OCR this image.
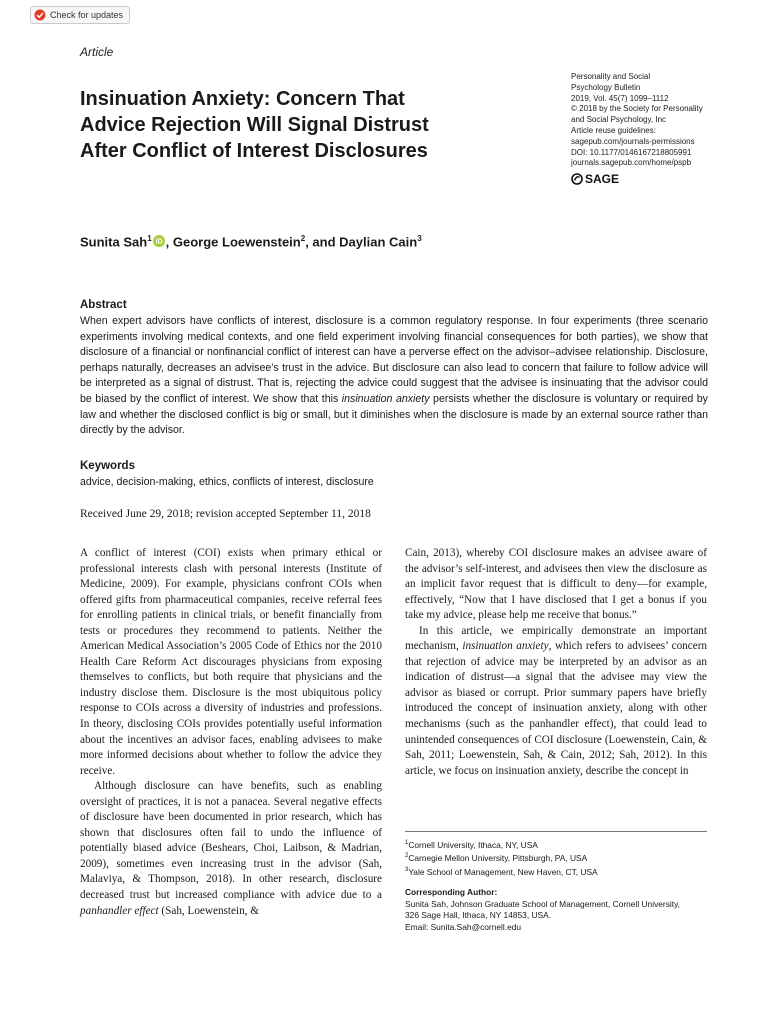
Check for updates
Article
Insinuation Anxiety: Concern That Advice Rejection Will Signal Distrust After Conflict of Interest Disclosures
Personality and Social
Psychology Bulletin
2019, Vol. 45(7) 1099–1112
© 2018 by the Society for Personality
and Social Psychology, Inc
Article reuse guidelines:
sagepub.com/journals-permissions
DOI: 10.1177/0146167218805991
journals.sagepub.com/home/pspb
SAGE
Sunita Sah$^1$ iD , George Loewenstein$^2$, and Daylian Cain$^3$
Abstract

When expert advisors have conflicts of interest, disclosure is a common regulatory response. In four experiments (three scenario experiments involving medical contexts, and one field experiment involving financial consequences for both parties), we show that disclosure of a financial or nonfinancial conflict of interest can have a perverse effect on the advisor–advisee relationship. Disclosure, perhaps naturally, decreases an advisee’s trust in the advice. But disclosure can also lead to concern that failure to follow advice will be interpreted as a signal of distrust. That is, rejecting the advice could suggest that the advisee is insinuating that the advisor could be biased by the conflict of interest. We show that this insinuation anxiety persists whether the disclosure is voluntary or required by law and whether the disclosed conflict is big or small, but it diminishes when the disclosure is made by an external source rather than directly by the advisor.

Keywords
advice, decision-making, ethics, conflicts of interest, disclosure
Received June 29, 2018; revision accepted September 11, 2018

A conflict of interest (COI) exists when primary ethical or professional interests clash with personal interests (Institute of Medicine, 2009). For example, physicians confront COIs when offered gifts from pharmaceutical companies, receive referral fees for enrolling patients in clinical trials, or benefit financially from tests or procedures they recommend to patients. Neither the American Medical Association’s 2005 Code of Ethics nor the 2010 Health Care Reform Act discourages physicians from exposing themselves to conflicts, but both require that physicians and the industry disclose them. Disclosure is the most ubiquitous policy response to COIs across a diversity of industries and professions. In theory, disclosing COIs provides potentially useful information about the incentives an advisor faces, enabling advisees to make more informed decisions about whether to follow the advice they receive.

Although disclosure can have benefits, such as enabling oversight of practices, it is not a panacea. Several negative effects of disclosure have been documented in prior research, which has shown that disclosures often fail to undo the influence of potentially biased advice (Beshears, Choi, Laibson, & Madrian, 2009), sometimes even increasing trust in the advisor (Sah, Malaviya, & Thompson, 2018). In other research, disclosure decreased trust but increased compliance with advice due to a panhandler effect (Sah, Loewenstein, &

Cain, 2013), whereby COI disclosure makes an advisee aware of the advisor’s self-interest, and advisees then view the disclosure as an implicit favor request that is difficult to deny—for example, effectively, “Now that I have disclosed that I get a bonus if you take my advice, please help me receive that bonus.”

In this article, we empirically demonstrate an important mechanism, insinuation anxiety, which refers to advisees’ concern that rejection of advice may be interpreted by an advisor as an indication of distrust—a signal that the advisee may view the advisor as biased or corrupt. Prior summary papers have briefly introduced the concept of insinuation anxiety, along with other mechanisms (such as the panhandler effect), that could lead to unintended consequences of COI disclosure (Loewenstein, Cain, & Sah, 2011; Loewenstein, Sah, & Cain, 2012; Sah, 2012). In this article, we focus on insinuation anxiety, describe the concept in

$^1$Cornell University, Ithaca, NY, USA
$^2$Carnegie Mellon University, Pittsburgh, PA, USA
$^3$Yale School of Management, New Haven, CT, USA
Corresponding Author:
Sunita Sah, Johnson Graduate School of Management, Cornell University,
326 Sage Hall, Ithaca, NY 14853, USA.
Email: Sunita.Sah@cornell.edu
